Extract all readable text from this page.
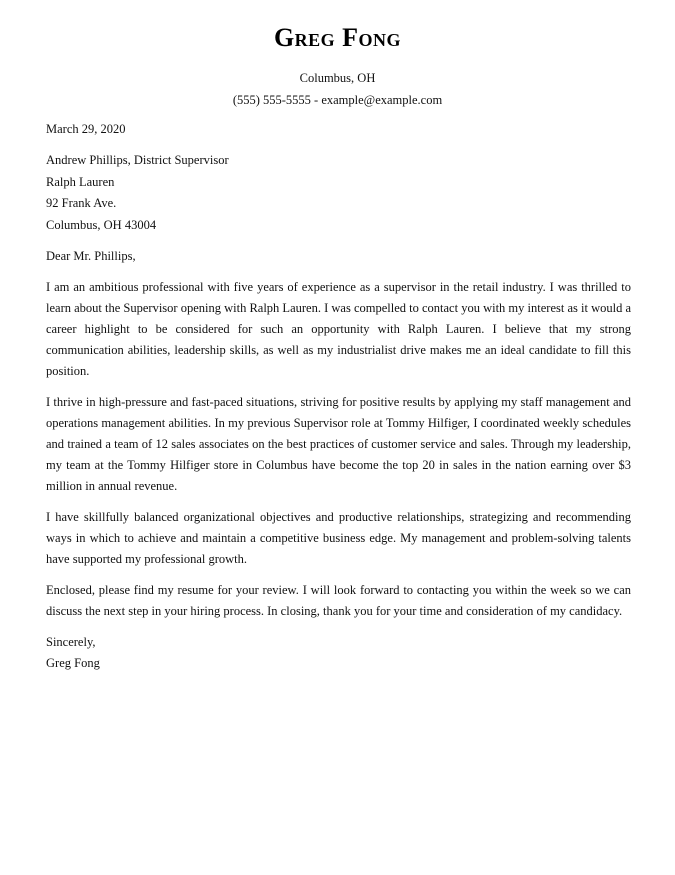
Greg Fong
Columbus, OH
(555) 555-5555 - example@example.com

March 29, 2020

Andrew Phillips, District Supervisor

Ralph Lauren

92 Frank Ave.

Columbus, OH 43004

Dear Mr. Phillips,

I am an ambitious professional with five years of experience as a supervisor in the retail industry. I was thrilled to learn about the Supervisor opening with Ralph Lauren. I was compelled to contact you with my interest as it would a career highlight to be considered for such an opportunity with Ralph Lauren. I believe that my strong communication abilities, leadership skills, as well as my industrialist drive makes me an ideal candidate to fill this position.

I thrive in high-pressure and fast-paced situations, striving for positive results by applying my staff management and operations management abilities. In my previous Supervisor role at Tommy Hilfiger, I coordinated weekly schedules and trained a team of 12 sales associates on the best practices of customer service and sales. Through my leadership, my team at the Tommy Hilfiger store in Columbus have become the top 20 in sales in the nation earning over $3 million in annual revenue.

I have skillfully balanced organizational objectives and productive relationships, strategizing and recommending ways in which to achieve and maintain a competitive business edge. My management and problem-solving talents have supported my professional growth.

Enclosed, please find my resume for your review. I will look forward to contacting you within the week so we can discuss the next step in your hiring process. In closing, thank you for your time and consideration of my candidacy.

Sincerely,

Greg Fong
